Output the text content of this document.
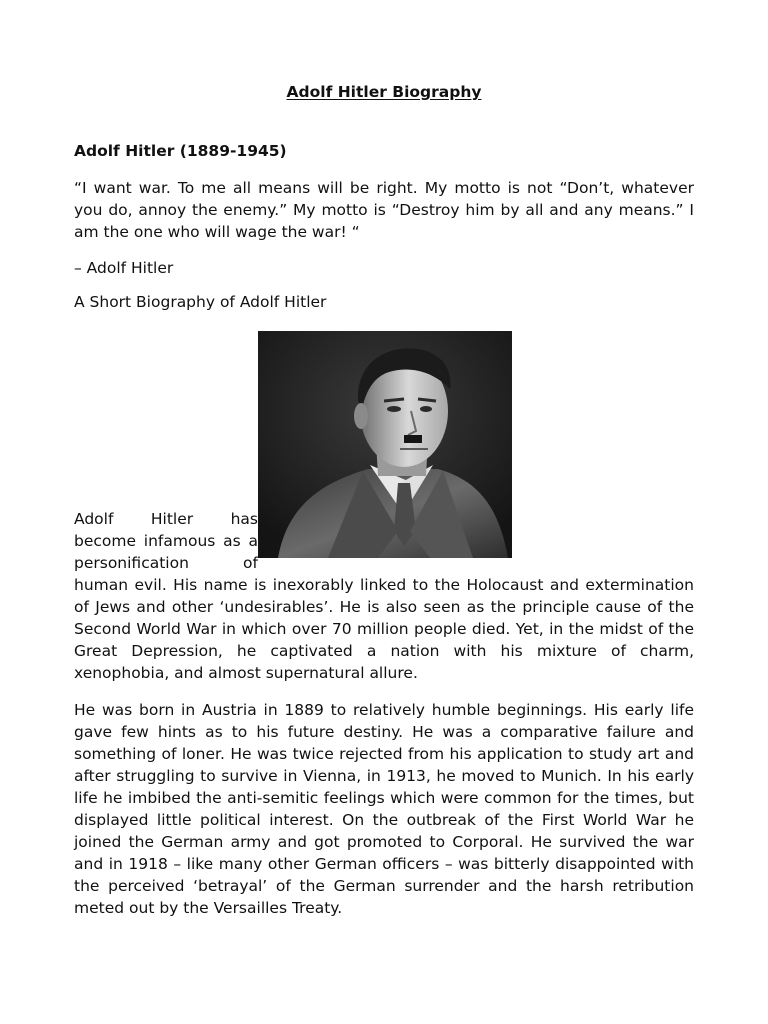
Adolf Hitler Biography
Adolf Hitler (1889-1945)

“I want war. To me all means will be right. My motto is not “Don’t, whatever you do, annoy the enemy.” My motto is “Destroy him by all and any means.” I am the one who will wage the war! “

– Adolf Hitler

A Short Biography of Adolf Hitler

Adolf Hitler has become infamous as a personification of

human evil. His name is inexorably linked to the Holocaust and extermination of Jews and other ‘undesirables’. He is also seen as the principle cause of the Second World War in which over 70 million people died. Yet, in the midst of the Great Depression, he captivated a nation with his mixture of charm, xenophobia, and almost supernatural allure.

He was born in Austria in 1889 to relatively humble beginnings. His early life gave few hints as to his future destiny. He was a comparative failure and something of loner. He was twice rejected from his application to study art and after struggling to survive in Vienna, in 1913, he moved to Munich. In his early life he imbibed the anti-semitic feelings which were common for the times, but displayed little political interest. On the outbreak of the First World War he joined the German army and got promoted to Corporal. He survived the war and in 1918 – like many other German officers – was bitterly disappointed with the perceived ‘betrayal’ of the German surrender and the harsh retribution meted out by the Versailles Treaty.
